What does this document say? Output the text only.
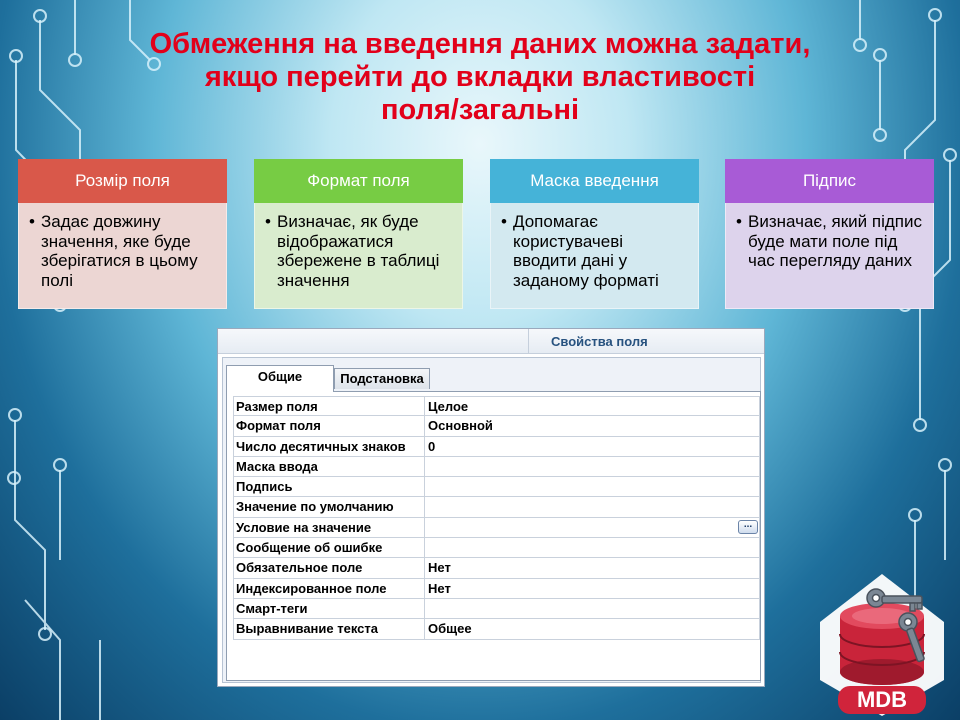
Обмеження на введення даних можна задати,
якщо перейти до вкладки властивості
поля/загальні
Розмір поля
• Задає довжину значення, яке буде зберігатися в цьому полі
Формат поля
• Визначає, як буде відображатися збережене в таблиці значення
Маска введення
• Допомагає користувачеві вводити дані у заданому форматі
Підпис
• Визначає, який підпис буде мати поле під час перегляду даних
Свойства поля
Подстановка
Общие
Размер поля	Целое
Формат поля	Основной
Число десятичных знаков	0
Маска ввода
Подпись
Значение по умолчанию
Условие на значение	...
Сообщение об ошибке
Обязательное поле	Нет
Индексированное поле	Нет
Смарт-теги
Выравнивание текста	Общее
MDB
